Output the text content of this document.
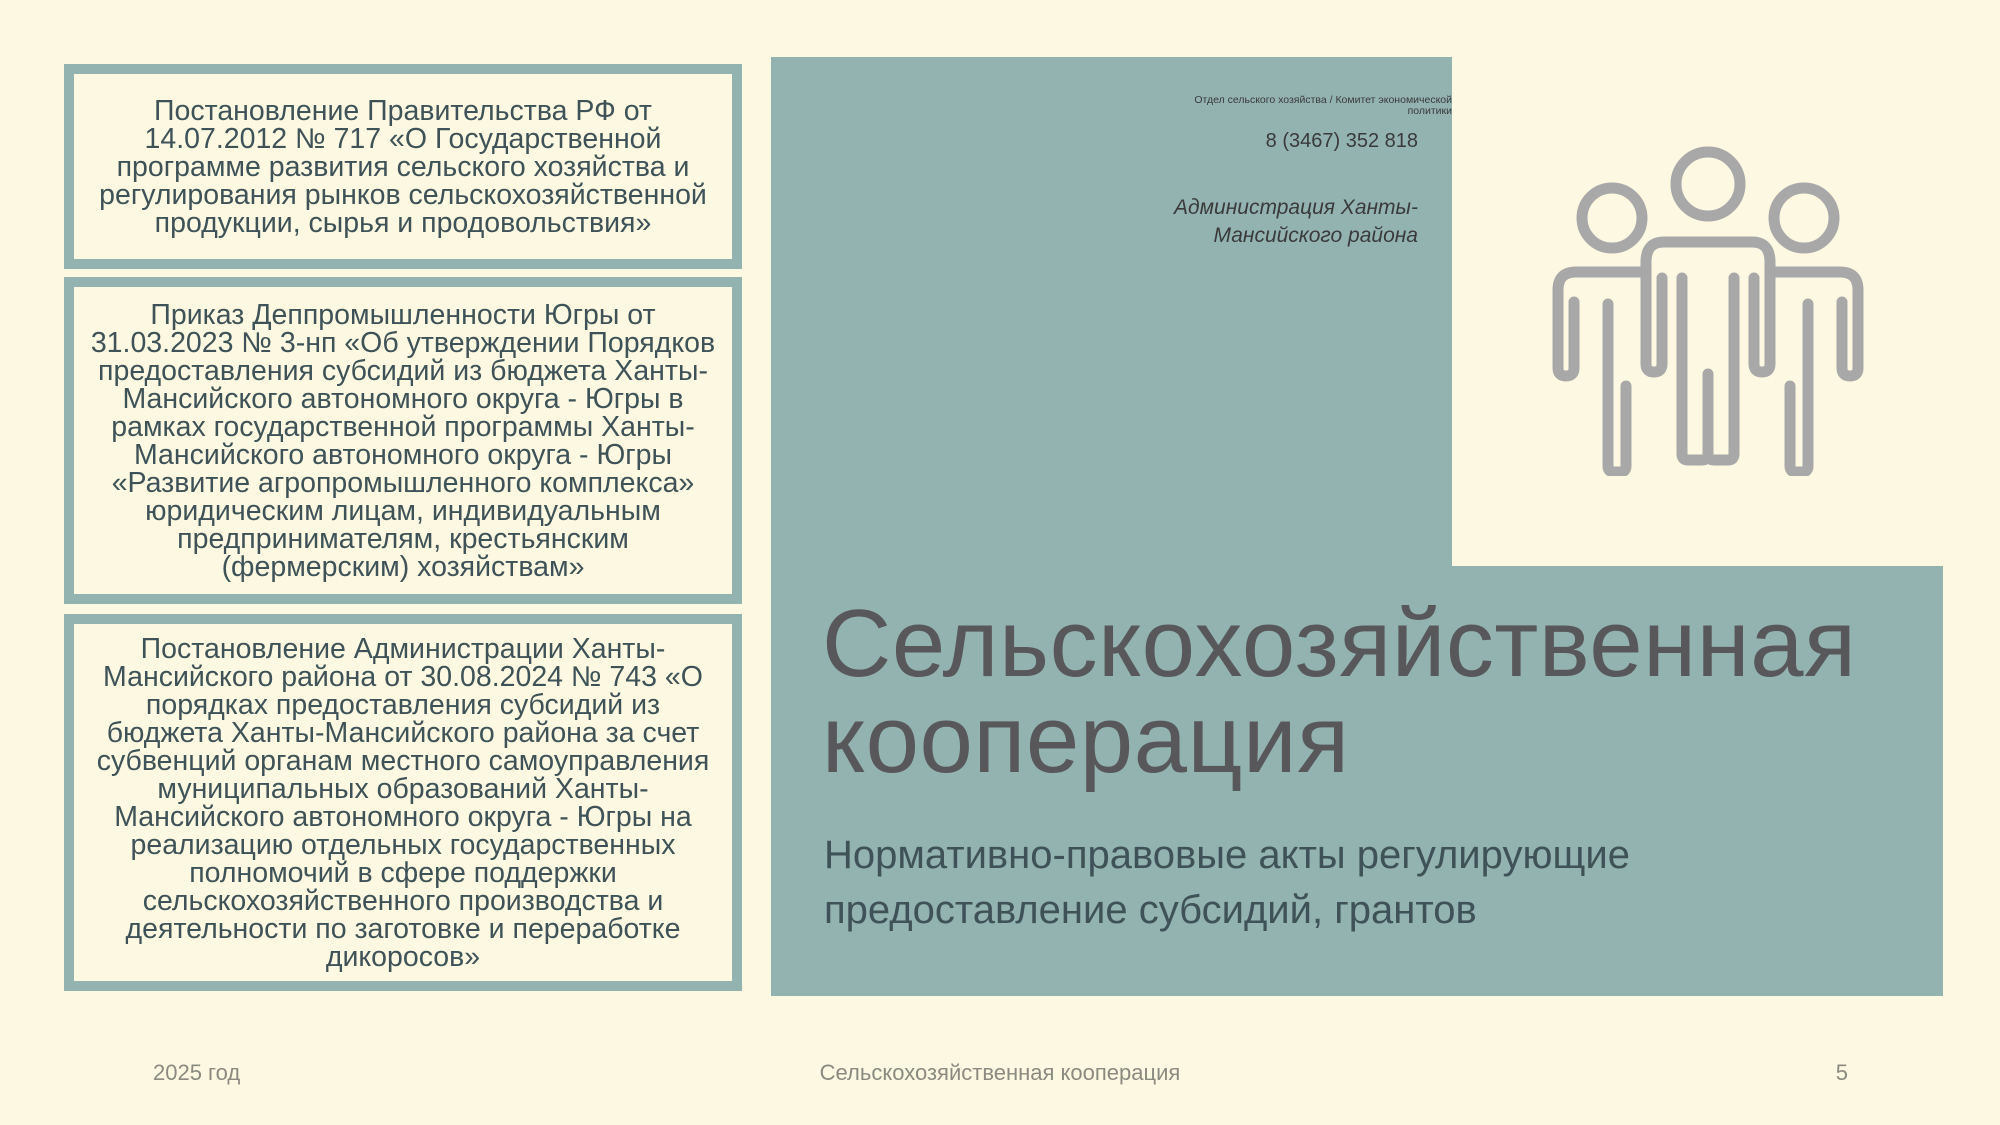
Постановление Правительства РФ от 14.07.2012 № 717 «О Государственной программе развития сельского хозяйства и регулирования рынков сельскохозяйственной продукции, сырья и продовольствия»
Приказ Деппромышленности Югры от 31.03.2023 № 3-нп «Об утверждении Порядков предоставления субсидий из бюджета Ханты-Мансийского автономного округа - Югры в рамках государственной программы Ханты-Мансийского автономного округа - Югры «Развитие агропромышленного комплекса» юридическим лицам, индивидуальным предпринимателям, крестьянским (фермерским) хозяйствам»
Постановление Администрации Ханты-Мансийского района от 30.08.2024 № 743 «О порядках предоставления субсидий из бюджета Ханты-Мансийского района за счет субвенций органам местного самоуправления муниципальных образований Ханты-Мансийского автономного округа - Югры на реализацию отдельных государственных полномочий в сфере поддержки сельскохозяйственного производства и деятельности по заготовке и переработке дикоросов»
Отдел сельского хозяйства / Комитет экономической политики
8 (3467) 352 818
Администрация Ханты-Мансийского района
Сельскохозяйственная кооперация

Нормативно-правовые акты регулирующие предоставление субсидий, грантов

2025 год	Сельскохозяйственная кооперация	5
